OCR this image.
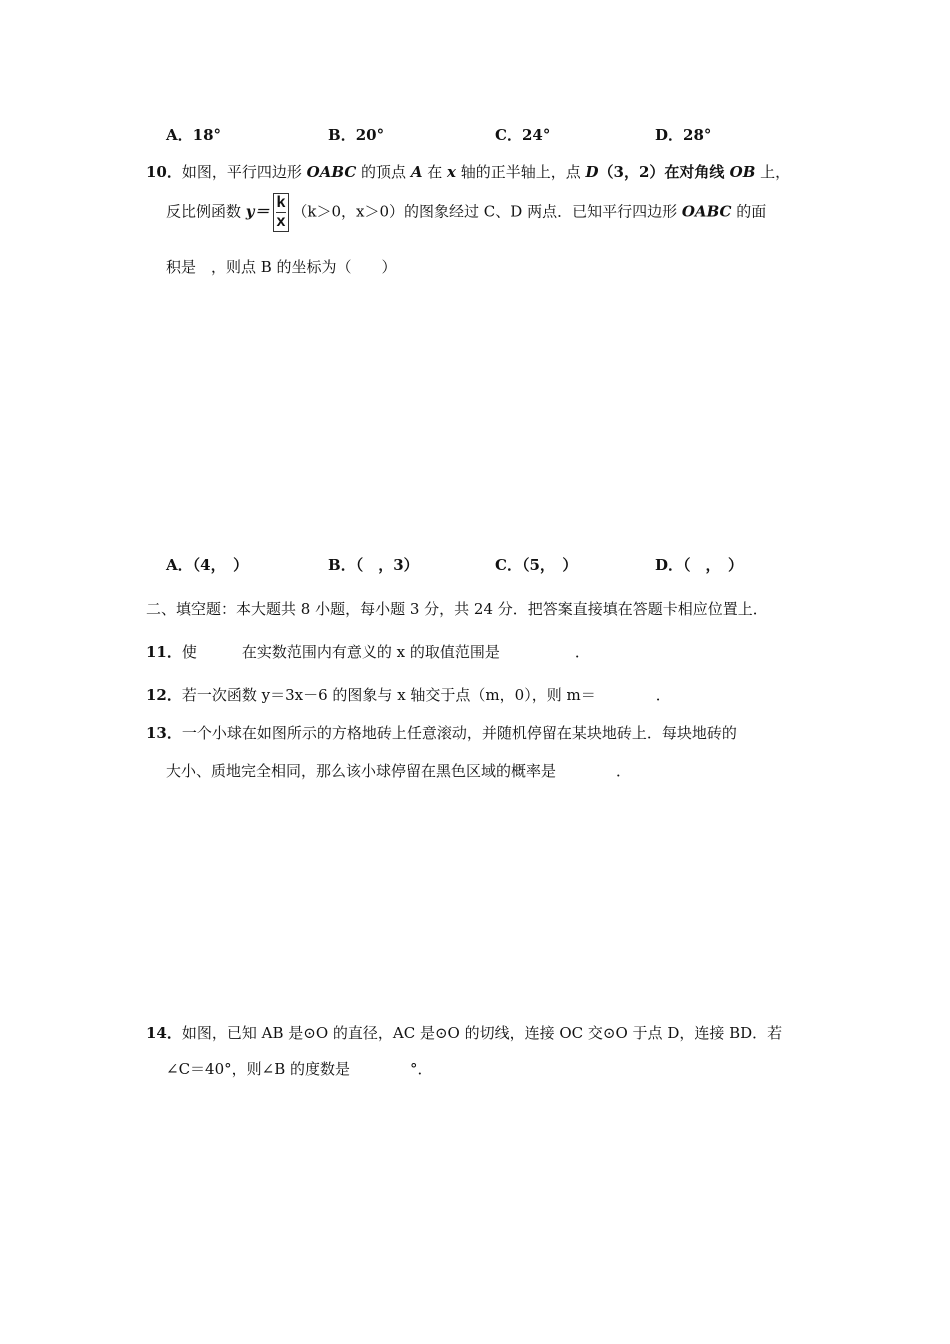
A．18°	B．20°	C．24°	D．28°
10．如图，平行四边形 OABC 的顶点 A 在 x 轴的正半轴上，点 D（3，2）在对角线 OB 上，
反比例函数 $y= \frac{k}{x} (k>0$，x＞0）的图象经过 C、D 两点．已知平行四边形 OABC 的面
积是　，则点 B 的坐标为（　　）
A．（4，　）	B．（　，3）	C．（5，　）	D．（　，　）
二、填空题：本大题共 8 小题，每小题 3 分，共 24 分．把答案直接填在答题卡相应位置上．
11．使　　　在实数范围内有意义的 x 的取值范围是　　　　　．
12．若一次函数 y＝3x－6 的图象与 x 轴交于点（m，0），则 m＝　　　　．
13．一个小球在如图所示的方格地砖上任意滚动，并随机停留在某块地砖上．每块地砖的
大小、质地完全相同，那么该小球停留在黑色区域的概率是　　　　．
14．如图，已知 AB 是⊙O 的直径，AC 是⊙O 的切线，连接 OC 交⊙O 于点 D，连接 BD．若
∠C＝40°，则∠B 的度数是　　　　°．
